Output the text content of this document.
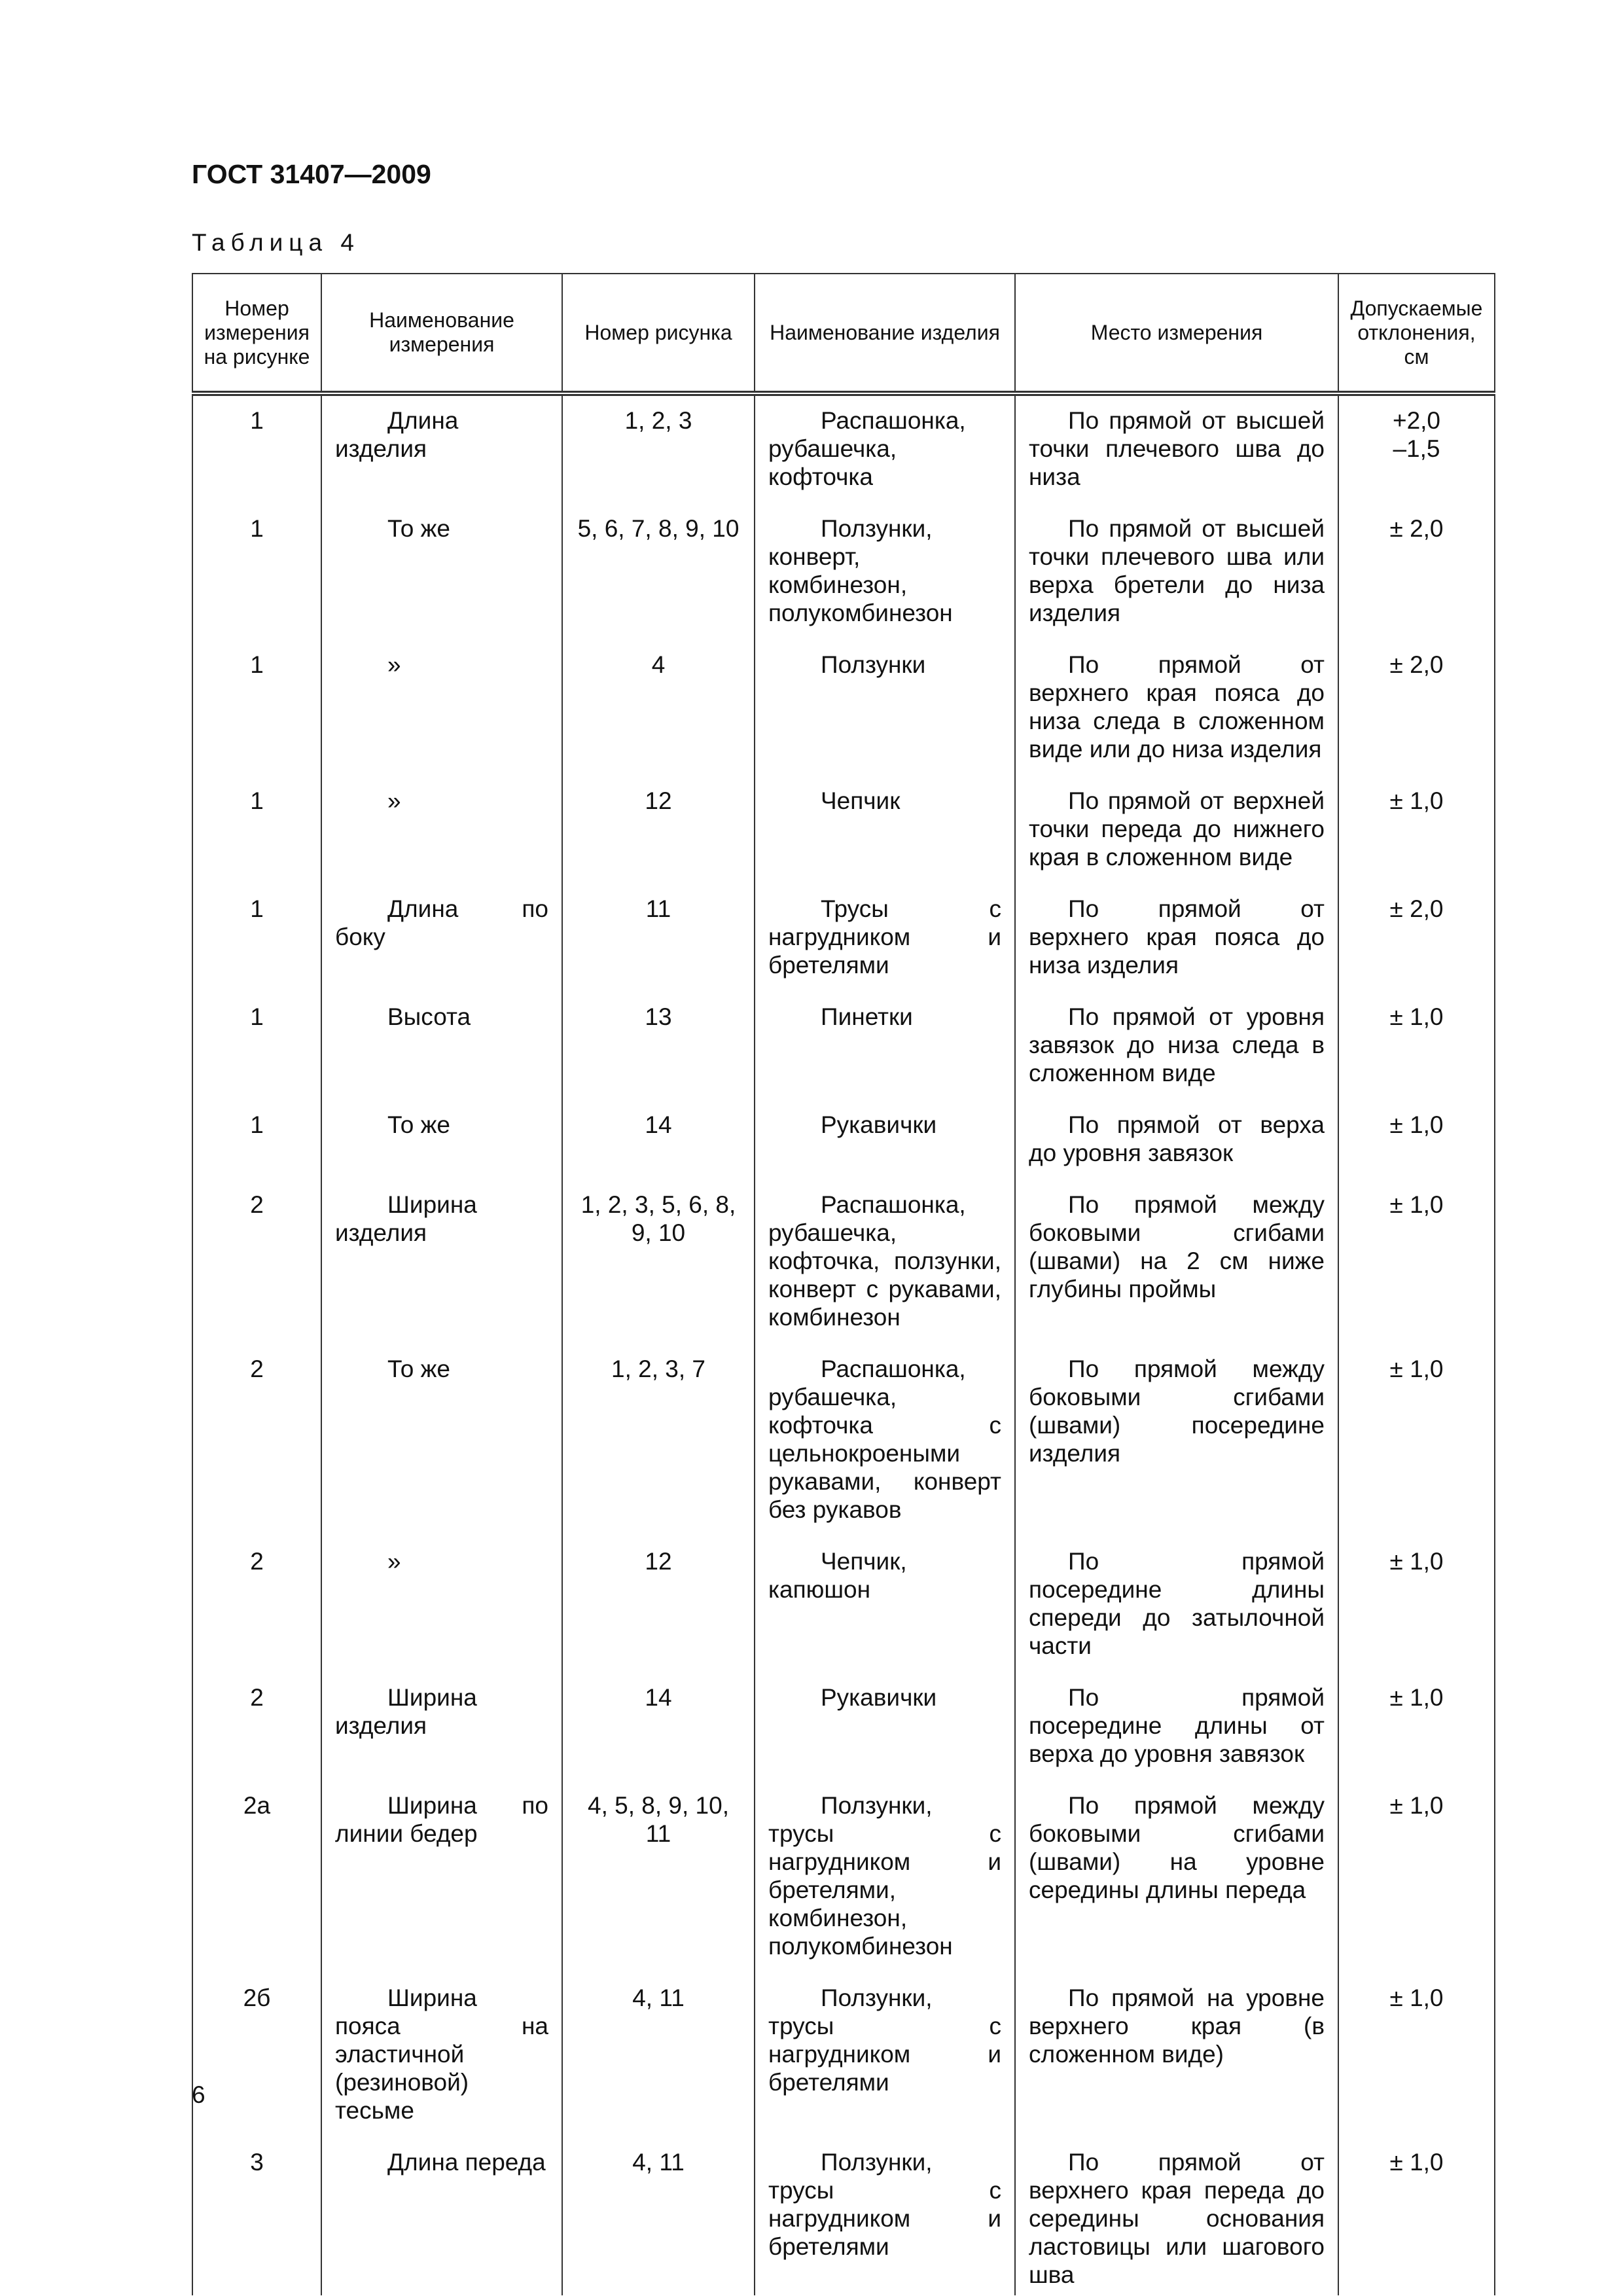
ГОСТ 31407—2009
Таблица 4
Номер измерения на рисунке	Наименование измерения	Номер рисунка	Наименование изделия	Место измерения	Допускаемые отклонения, см
1	Длина изделия	1, 2, 3	Распашонка, рубашечка, кофточка	По прямой от высшей точки плечевого шва до низа	+2,0
–1,5
1	То же	5, 6, 7, 8, 9, 10	Ползунки, конверт, комбинезон, полукомбинезон	По прямой от высшей точки плечевого шва или верха бретели до низа изделия	± 2,0
1	»	4	Ползунки	По прямой от верхнего края пояса до низа следа в сложенном виде или до низа изделия	± 2,0
1	»	12	Чепчик	По прямой от верхней точки переда до нижнего края в сложенном виде	± 1,0
1	Длина по боку	11	Трусы с нагрудником и бретелями	По прямой от верхнего края пояса до низа изделия	± 2,0
1	Высота	13	Пинетки	По прямой от уровня завязок до низа следа в сложенном виде	± 1,0
1	То же	14	Рукавички	По прямой от верха до уровня завязок	± 1,0
2	Ширина изделия	1, 2, 3, 5, 6, 8, 9, 10	Распашонка, рубашечка, кофточка, ползунки, конверт с рукавами, комбинезон	По прямой между боковыми сгибами (швами) на 2 см ниже глубины проймы	± 1,0
2	То же	1, 2, 3, 7	Распашонка, рубашечка, кофточка с цельнокроеными рукавами, конверт без рукавов	По прямой между боковыми сгибами (швами) посередине изделия	± 1,0
2	»	12	Чепчик, капюшон	По прямой посередине длины спереди до затылочной части	± 1,0
2	Ширина изделия	14	Рукавички	По прямой посередине длины от верха до уровня завязок	± 1,0
2а	Ширина по линии бедер	4, 5, 8, 9, 10, 11	Ползунки, трусы с нагрудником и бретелями, комбинезон, полукомбинезон	По прямой между боковыми сгибами (швами) на уровне середины длины переда	± 1,0
2б	Ширина пояса на эластичной (резиновой) тесьме	4, 11	Ползунки, трусы с нагрудником и бретелями	По прямой на уровне верхнего края (в сложенном виде)	± 1,0
3	Длина переда	4, 11	Ползунки, трусы с нагрудником и бретелями	По прямой от верхнего края переда до середины основания ластовицы или шагового шва	± 1,0
6
